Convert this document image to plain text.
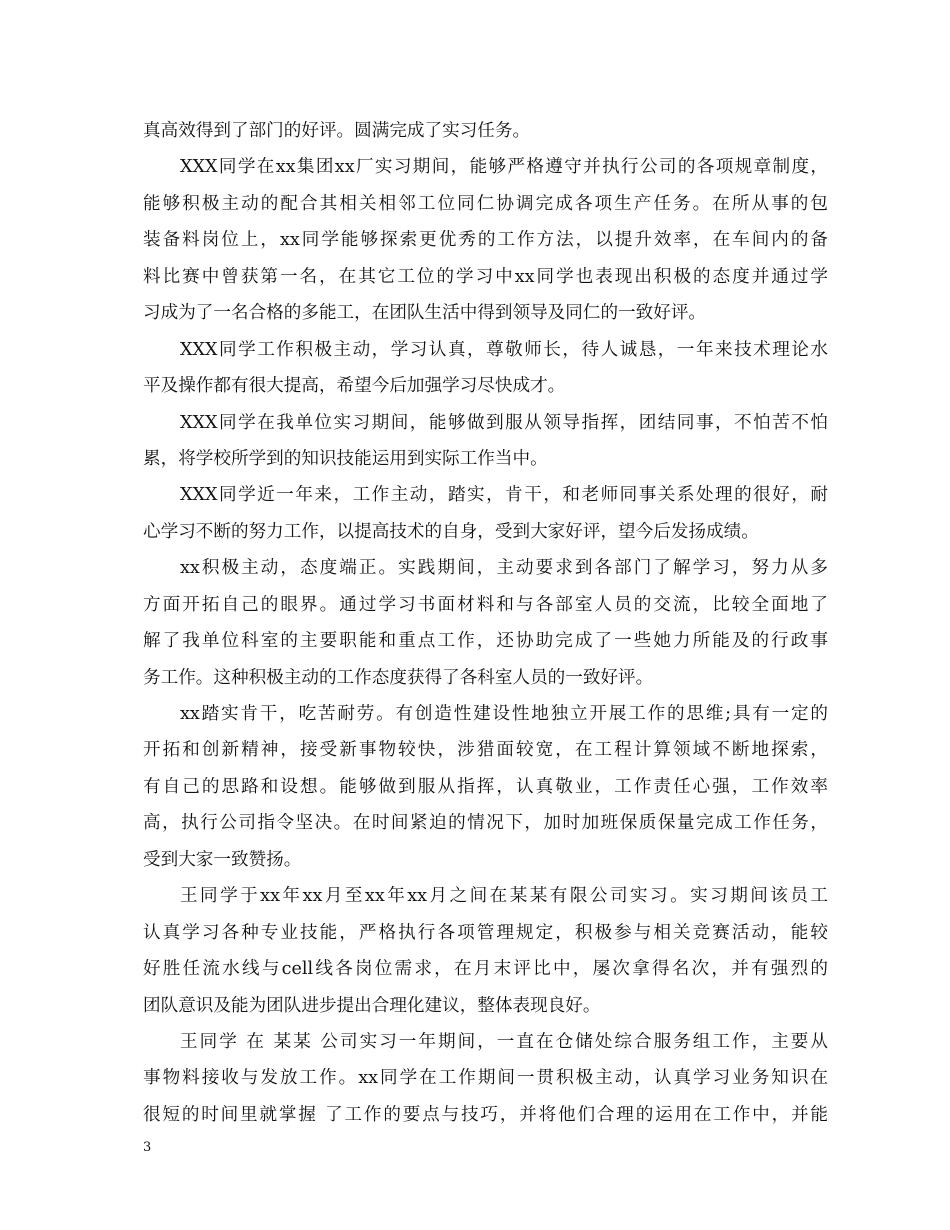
真高效得到了部门的好评。圆满完成了实习任务。
XXX同学在xx集团xx厂实习期间，能够严格遵守并执行公司的各项规章制度，
能够积极主动的配合其相关相邻工位同仁协调完成各项生产任务。在所从事的包
装备料岗位上，xx同学能够探索更优秀的工作方法，以提升效率，在车间内的备
料比赛中曾获第一名，在其它工位的学习中xx同学也表现出积极的态度并通过学
习成为了一名合格的多能工，在团队生活中得到领导及同仁的一致好评。
XXX同学工作积极主动，学习认真，尊敬师长，待人诚恳，一年来技术理论水
平及操作都有很大提高，希望今后加强学习尽快成才。
XXX同学在我单位实习期间，能够做到服从领导指挥，团结同事，不怕苦不怕
累，将学校所学到的知识技能运用到实际工作当中。
XXX同学近一年来，工作主动，踏实，肯干，和老师同事关系处理的很好，耐
心学习不断的努力工作，以提高技术的自身，受到大家好评，望今后发扬成绩。
xx积极主动，态度端正。实践期间，主动要求到各部门了解学习，努力从多
方面开拓自己的眼界。通过学习书面材料和与各部室人员的交流，比较全面地了
解了我单位科室的主要职能和重点工作，还协助完成了一些她力所能及的行政事
务工作。这种积极主动的工作态度获得了各科室人员的一致好评。
xx踏实肯干，吃苦耐劳。有创造性建设性地独立开展工作的思维;具有一定的
开拓和创新精神，接受新事物较快，涉猎面较宽，在工程计算领域不断地探索，
有自己的思路和设想。能够做到服从指挥，认真敬业，工作责任心强，工作效率
高，执行公司指令坚决。在时间紧迫的情况下，加时加班保质保量完成工作任务，
受到大家一致赞扬。
王同学于xx年xx月至xx年xx月之间在某某有限公司实习。实习期间该员工
认真学习各种专业技能，严格执行各项管理规定，积极参与相关竞赛活动，能较
好胜任流水线与cell线各岗位需求，在月末评比中，屡次拿得名次，并有强烈的
团队意识及能为团队进步提出合理化建议，整体表现良好。
王同学 在 某某 公司实习一年期间，一直在仓储处综合服务组工作，主要从
事物料接收与发放工作。xx同学在工作期间一贯积极主动，认真学习业务知识在
很短的时间里就掌握 了工作的要点与技巧，并将他们合理的运用在工作中，并能
3
